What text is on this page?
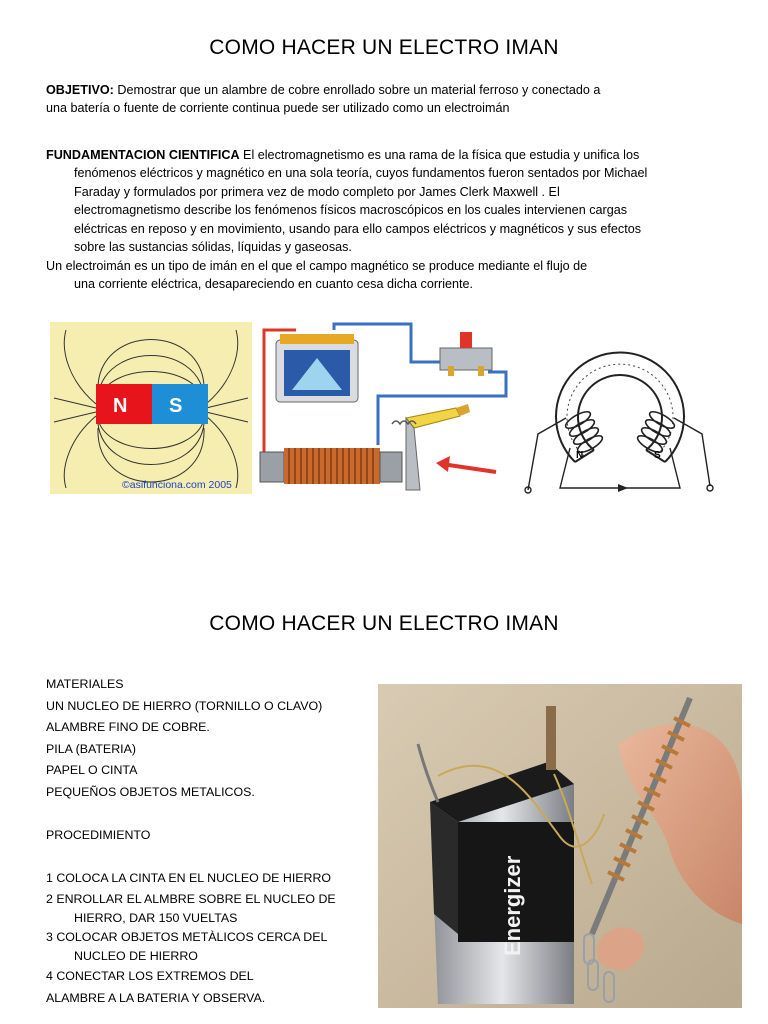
COMO HACER UN ELECTRO IMAN

OBJETIVO: Demostrar que un alambre de cobre enrollado sobre un material ferroso y conectado a
una batería o fuente de corriente continua puede ser utilizado como un electroimán

FUNDAMENTACION CIENTIFICA El electromagnetismo es una rama de la física que estudia y unifica los
fenómenos eléctricos y magnético en una sola teoría, cuyos fundamentos fueron sentados por Michael
Faraday y formulados por primera vez de modo completo por James Clerk Maxwell . El
electromagnetismo describe los fenómenos físicos macroscópicos en los cuales intervienen cargas
eléctricas en reposo y en movimiento, usando para ello campos eléctricos y magnéticos y sus efectos
sobre las sustancias sólidas, líquidas y gaseosas.

Un electroimán es un tipo de imán en el que el campo magnético se produce mediante el flujo de
una corriente eléctrica, desapareciendo en cuanto cesa dicha corriente.

N S
©asifunciona.com 2005
N	S
COMO HACER UN ELECTRO IMAN
MATERIALES
UN NUCLEO DE HIERRO (TORNILLO O CLAVO)
ALAMBRE FINO DE COBRE.
PILA (BATERIA)
PAPEL O CINTA
PEQUEÑOS OBJETOS METALICOS.
PROCEDIMIENTO
1 COLOCA LA CINTA EN EL NUCLEO DE HIERRO
2 ENROLLAR EL ALMBRE SOBRE EL NUCLEO DE
HIERRO, DAR 150 VUELTAS
3 COLOCAR OBJETOS METÀLICOS CERCA DEL
NUCLEO DE HIERRO
4 CONECTAR LOS EXTREMOS DEL
ALAMBRE A LA BATERIA Y OBSERVA.
Energizer
